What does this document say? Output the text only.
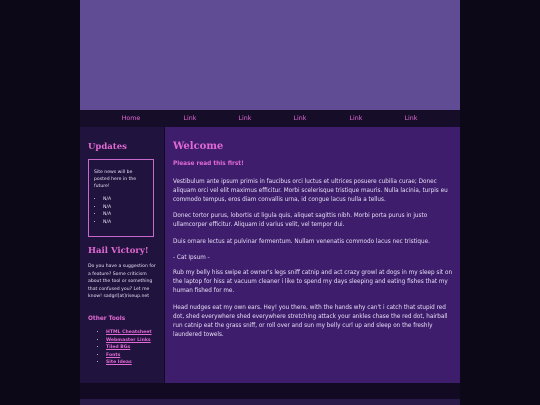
Home	Link	Link	Link	Link	Link
Updates
Site news will be posted here in the future!
• N/A
• N/A
• N/A
• N/A
Hail Victory!
Do you have a suggestion for a feature? Some criticism about the tool or something that confused you? Let me know! sadgrl[at]riseup.net
Other Tools
• HTML Cheatsheet
• Webmaster Links
• Tiled BGs
• Fonts
• Site Ideas
Welcome
Please read this first!

Vestibulum ante ipsum primis in faucibus orci luctus et ultrices posuere cubilia curae; Donec aliquam orci vel elit maximus efficitur. Morbi scelerisque tristique mauris. Nulla lacinia, turpis eu commodo tempus, eros diam convallis urna, id congue lacus nulla a tellus.

Donec tortor purus, lobortis ut ligula quis, aliquet sagittis nibh. Morbi porta purus in justo ullamcorper efficitur. Aliquam id varius velit, vel tempor dui.

Duis ornare lectus at pulvinar fermentum. Nullam venenatis commodo lacus nec tristique.

- Cat Ipsum -

Rub my belly hiss swipe at owner's legs sniff catnip and act crazy growl at dogs in my sleep sit on the laptop for hiss at vacuum cleaner i like to spend my days sleeping and eating fishes that my human fished for me.

Head nudges eat my own ears. Hey! you there, with the hands why can't i catch that stupid red dot, shed everywhere shed everywhere stretching attack your ankles chase the red dot, hairball run catnip eat the grass sniff, or roll over and sun my belly curl up and sleep on the freshly laundered towels.
